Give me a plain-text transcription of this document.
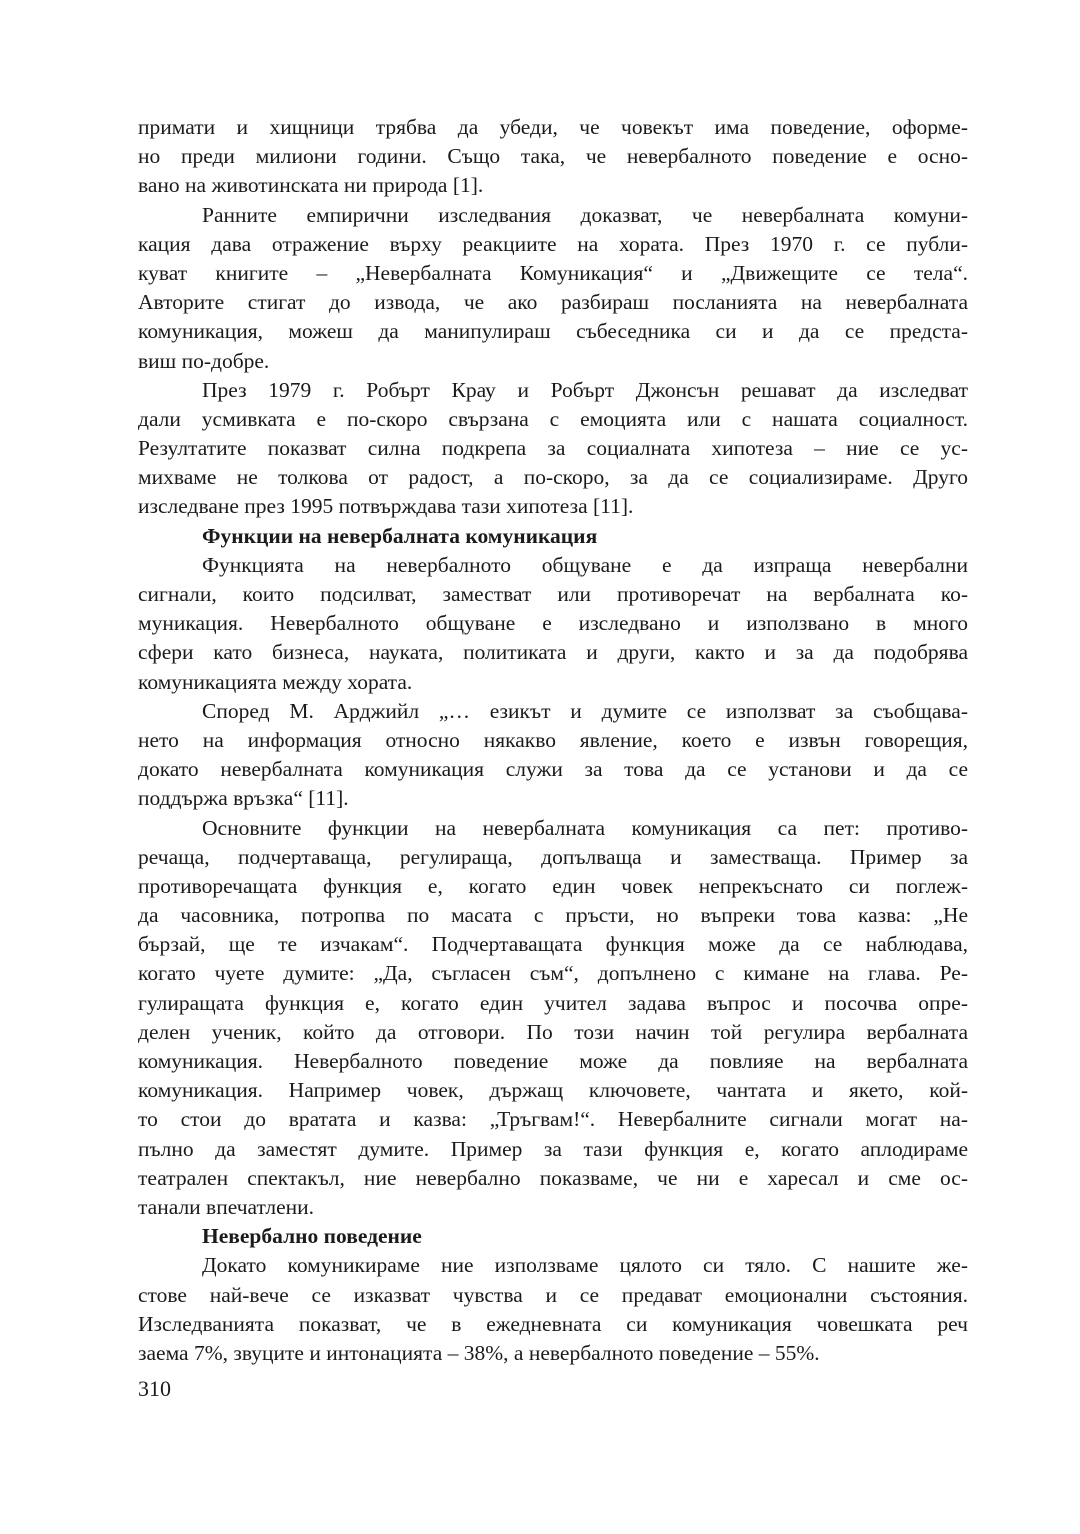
примати и хищници трябва да убеди, че човекът има поведение, оформе-
но преди милиони години. Също така, че невербалното поведение е осно-
вано на животинската ни природа [1].
Ранните емпирични изследвания доказват, че невербалната комуни-
кация дава отражение върху реакциите на хората. През 1970 г. се публи-
куват книгите – „Невербалната Комуникация“ и „Движещите се тела“.
Авторите стигат до извода, че ако разбираш посланията на невербалната
комуникация, можеш да манипулираш събеседника си и да се предста-
виш по-добре.
През 1979 г. Робърт Крау и Робърт Джонсън решават да изследват
дали усмивката е по-скоро свързана с емоцията или с нашата социалност.
Резултатите показват силна подкрепа за социалната хипотеза – ние се ус-
михваме не толкова от радост, а по-скоро, за да се социализираме. Друго
изследване през 1995 потвърждава тази хипотеза [11].
Функции на невербалната комуникация
Функцията на невербалното общуване е да изпраща невербални
сигнали, които подсилват, заместват или противоречат на вербалната ко-
муникация. Невербалното общуване е изследвано и използвано в много
сфери като бизнеса, науката, политиката и други, както и за да подобрява
комуникацията между хората.
Според М. Арджийл „… езикът и думите се използват за съобщава-
нето на информация относно някакво явление, което е извън говорещия,
докато невербалната комуникация служи за това да се установи и да се
поддържа връзка“ [11].
Основните функции на невербалната комуникация са пет: противо-
речаща, подчертаваща, регулираща, допълваща и заместваща. Пример за
противоречащата функция е, когато един човек непрекъснато си поглеж-
да часовника, потропва по масата с пръсти, но въпреки това казва: „Не
бързай, ще те изчакам“. Подчертаващата функция може да се наблюдава,
когато чуете думите: „Да, съгласен съм“, допълнено с кимане на глава. Ре-
гулиращата функция е, когато един учител задава въпрос и посочва опре-
делен ученик, който да отговори. По този начин той регулира вербалната
комуникация. Невербалното поведение може да повлияе на вербалната
комуникация. Например човек, държащ ключовете, чантата и якето, кой-
то стои до вратата и казва: „Тръгвам!“. Невербалните сигнали могат на-
пълно да заместят думите. Пример за тази функция е, когато аплодираме
театрален спектакъл, ние невербално показваме, че ни е харесал и сме ос-
танали впечатлени.
Невербално поведение
Докато комуникираме ние използваме цялото си тяло. С нашите же-
стове най-вече се изказват чувства и се предават емоционални състояния.
Изследванията показват, че в ежедневната си комуникация човешката реч
заема 7%, звуците и интонацията – 38%, а невербалното поведение – 55%.
310
